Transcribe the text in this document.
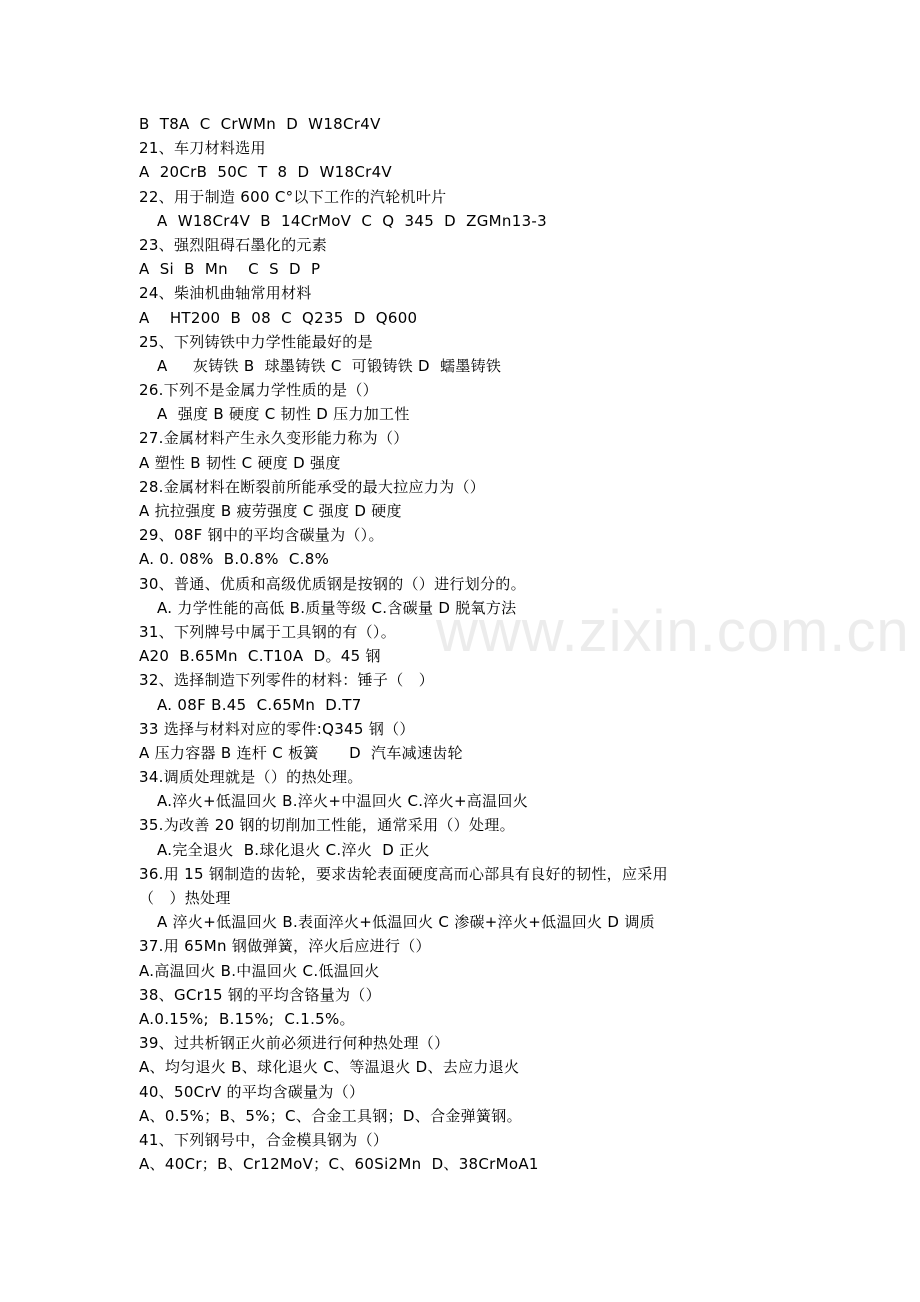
B  T8A  C  CrWMn  D  W18Cr4V
21、车刀材料选用
A  20CrB  50C  T  8  D  W18Cr4V
22、用于制造 600 C°以下工作的汽轮机叶片
A  W18Cr4V  B  14CrMoV  C  Q  345  D  ZGMn13-3
23、强烈阻碍石墨化的元素
A  Si  B  Mn    C  S  D  P
24、柴油机曲轴常用材料
A    HT200  B  08  C  Q235  D  Q600
25、下列铸铁中力学性能最好的是
A     灰铸铁 B  球墨铸铁 C  可锻铸铁 D  蠕墨铸铁
26.下列不是金属力学性质的是（）
A  强度 B 硬度 C 韧性 D 压力加工性
27.金属材料产生永久变形能力称为（）
A 塑性 B 韧性 C 硬度 D 强度
28.金属材料在断裂前所能承受的最大拉应力为（）
A 抗拉强度 B 疲劳强度 C 强度 D 硬度
29、08F 钢中的平均含碳量为（）。
A. 0. 08%  B.0.8%  C.8%
30、普通、优质和高级优质钢是按钢的（）进行划分的。
A. 力学性能的高低 B.质量等级 C.含碳量 D 脱氧方法
31、下列牌号中属于工具钢的有（）。
A20  B.65Mn  C.T10A  D。45 钢
32、选择制造下列零件的材料：锤子（   ）
A. 08F B.45  C.65Mn  D.T7
33 选择与材料对应的零件:Q345 钢（）
A 压力容器 B 连杆 C 板簧      D  汽车减速齿轮
34.调质处理就是（）的热处理。
A.淬火+低温回火 B.淬火+中温回火 C.淬火+高温回火
35.为改善 20 钢的切削加工性能，通常采用（）处理。
A.完全退火  B.球化退火 C.淬火  D 正火
36.用 15 钢制造的齿轮，要求齿轮表面硬度高而心部具有良好的韧性，应采用
（   ）热处理
A 淬火+低温回火 B.表面淬火+低温回火 C 渗碳+淬火+低温回火 D 调质
37.用 65Mn 钢做弹簧，淬火后应进行（）
A.高温回火 B.中温回火 C.低温回火
38、GCr15 钢的平均含铬量为（）
A.0.15%;  B.15%;  C.1.5%。
39、过共析钢正火前必须进行何种热处理（）
A、均匀退火 B、球化退火 C、等温退火 D、去应力退火
40、50CrV 的平均含碳量为（）
A、0.5%；B、5%；C、合金工具钢；D、合金弹簧钢。
41、下列钢号中，合金模具钢为（）
A、40Cr；B、Cr12MoV；C、60Si2Mn  D、38CrMoA1
www.zixin.com.cn
